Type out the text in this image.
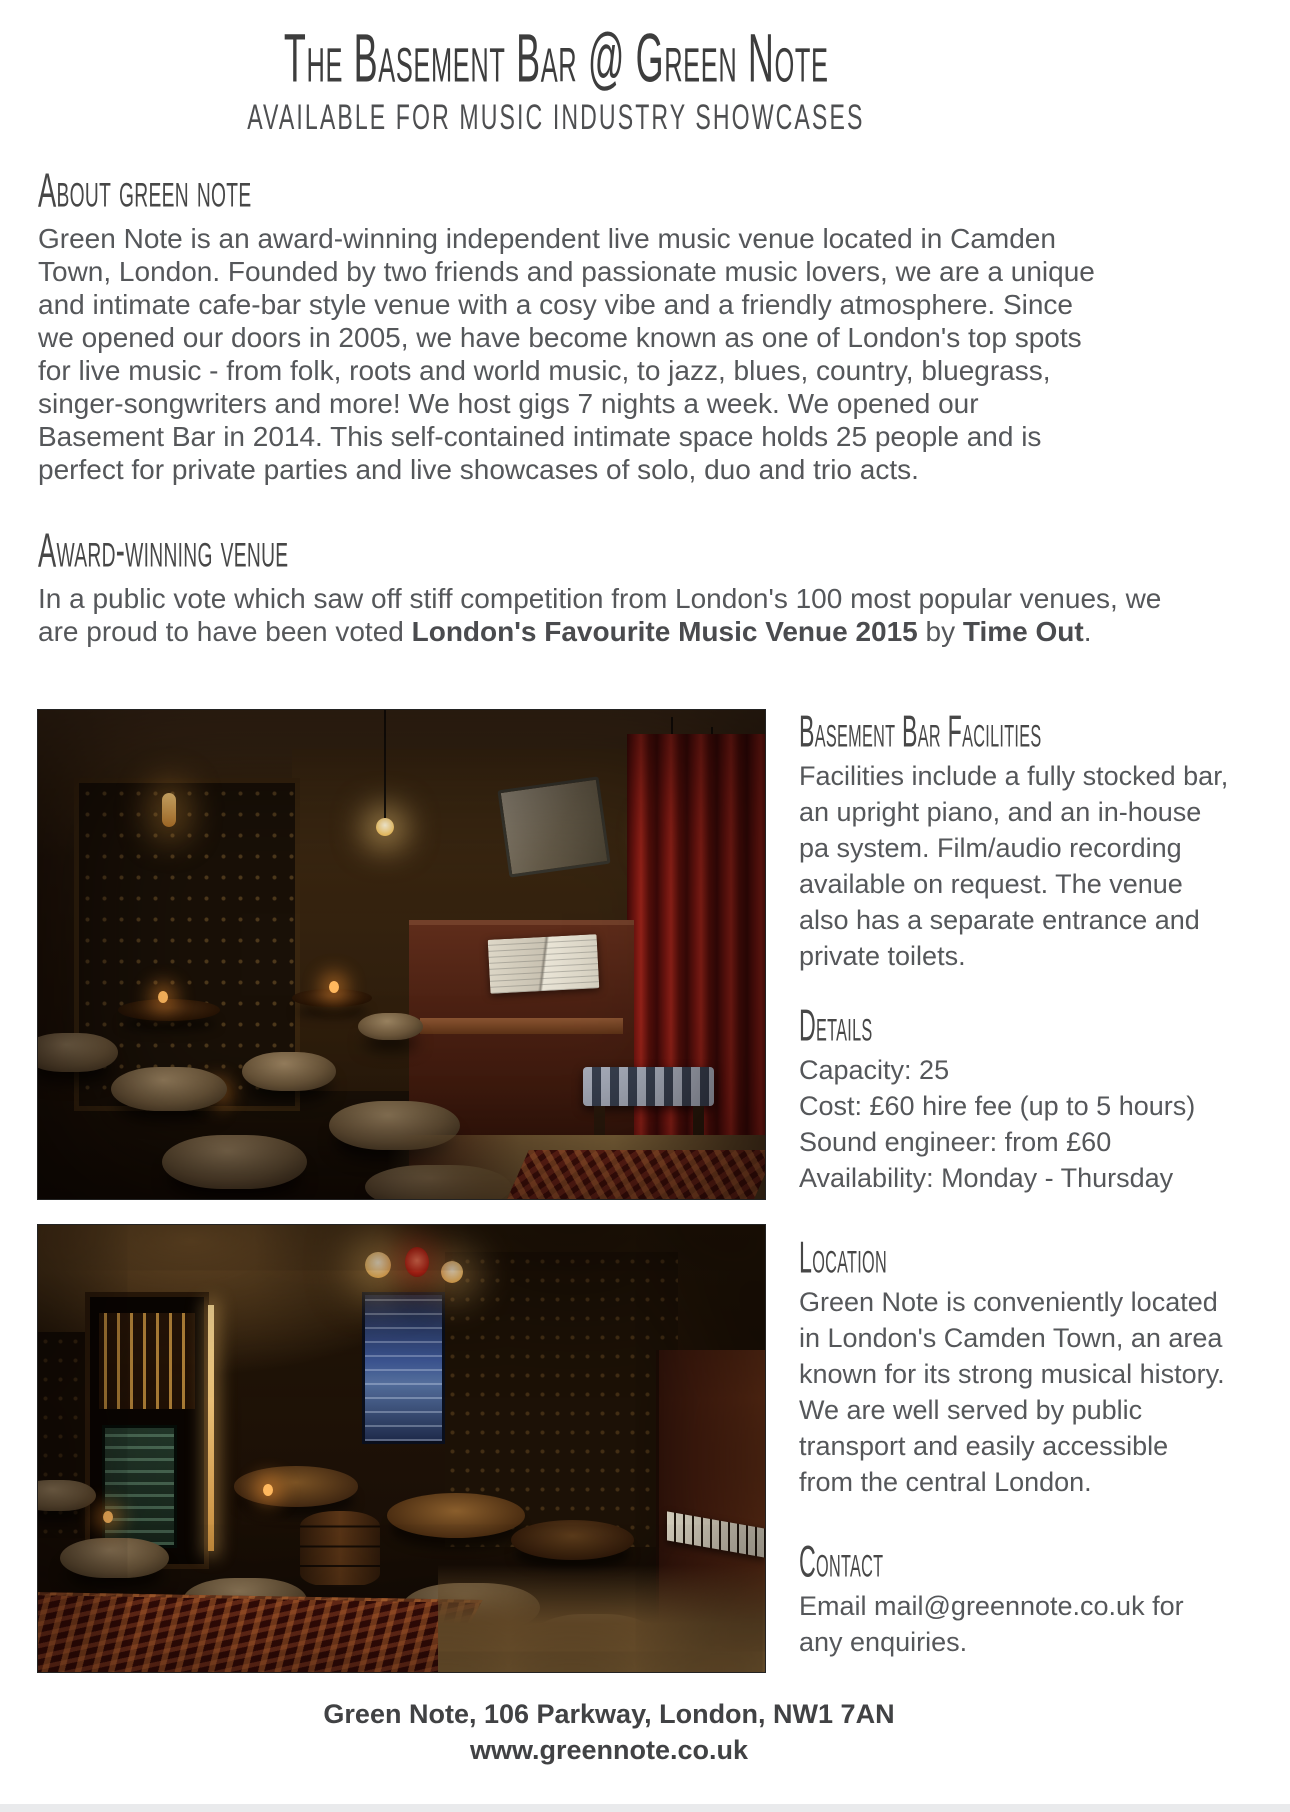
The Basement Bar @ Green Note
AVAILABLE FOR MUSIC INDUSTRY SHOWCASES
About green note

Green Note is an award-winning independent live music venue located in Camden Town, London. Founded by two friends and passionate music lovers, we are a unique and intimate cafe-bar style venue with a cosy vibe and a friendly atmosphere. Since we opened our doors in 2005, we have become known as one of London's top spots for live music - from folk, roots and world music, to jazz, blues, country, bluegrass, singer-songwriters and more! We host gigs 7 nights a week. We opened our Basement Bar in 2014. This self-contained intimate space holds 25 people and is perfect for private parties and live showcases of solo, duo and trio acts.

Award-winning venue

In a public vote which saw off stiff competition from London's 100 most popular venues, we are proud to have been voted London's Favourite Music Venue 2015 by Time Out.

Basement Bar Facilities

Facilities include a fully stocked bar, an upright piano, and an in-house pa system. Film/audio recording available on request. The venue also has a separate entrance and private toilets.

Details
Capacity: 25
Cost: £60 hire fee (up to 5 hours)
Sound engineer: from £60
Availability: Monday - Thursday
Location

Green Note is conveniently located in London's Camden Town, an area known for its strong musical history. We are well served by public transport and easily accessible from the central London.

Contact

Email mail@greennote.co.uk for any enquiries.

Green Note, 106 Parkway, London, NW1 7AN
www.greennote.co.uk
